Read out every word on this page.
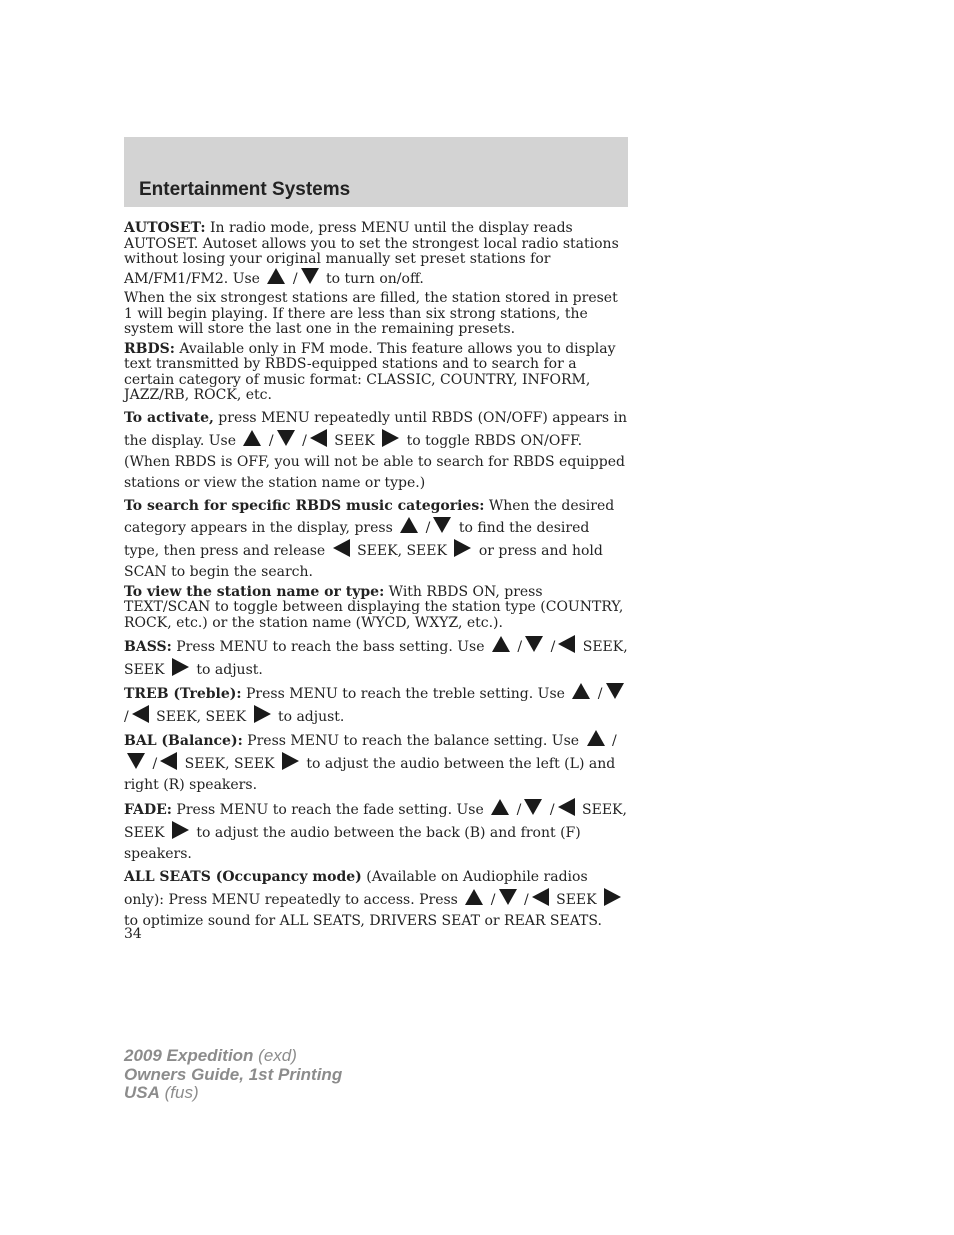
Entertainment Systems

AUTOSET: In radio mode, press MENU until the display reads AUTOSET. Autoset allows you to set the strongest local radio stations without losing your original manually set preset stations for AM/FM1/FM2. Use  / to turn on/off.

When the six strongest stations are filled, the station stored in preset 1 will begin playing. If there are less than six strong stations, the system will store the last one in the remaining presets.

RBDS: Available only in FM mode. This feature allows you to display text transmitted by RBDS-equipped stations and to search for a certain category of music format: CLASSIC, COUNTRY, INFORM, JAZZ/RB, ROCK, etc.

To activate, press MENU repeatedly until RBDS (ON/OFF) appears in the display. Use  / / SEEK  to toggle RBDS ON/OFF. (When RBDS is OFF, you will not be able to search for RBDS equipped stations or view the station name or type.)

To search for specific RBDS music categories: When the desired category appears in the display, press  / to find the desired type, then press and release  SEEK, SEEK  or press and hold SCAN to begin the search.

To view the station name or type: With RBDS ON, press TEXT/SCAN to toggle between displaying the station type (COUNTRY, ROCK, etc.) or the station name (WYCD, WXYZ, etc.).

BASS: Press MENU to reach the bass setting. Use  / / SEEK, SEEK  to adjust.

TREB (Treble): Press MENU to reach the treble setting. Use  / / SEEK, SEEK  to adjust.

BAL (Balance): Press MENU to reach the balance setting. Use  / / SEEK, SEEK  to adjust the audio between the left (L) and right (R) speakers.

FADE: Press MENU to reach the fade setting. Use  / / SEEK, SEEK  to adjust the audio between the back (B) and front (F) speakers.

ALL SEATS (Occupancy mode) (Available on Audiophile radios only): Press MENU repeatedly to access. Press  / / SEEK  to optimize sound for ALL SEATS, DRIVERS SEAT or REAR SEATS.

34

2009 Expedition (exd)
Owners Guide, 1st Printing
USA (fus)
